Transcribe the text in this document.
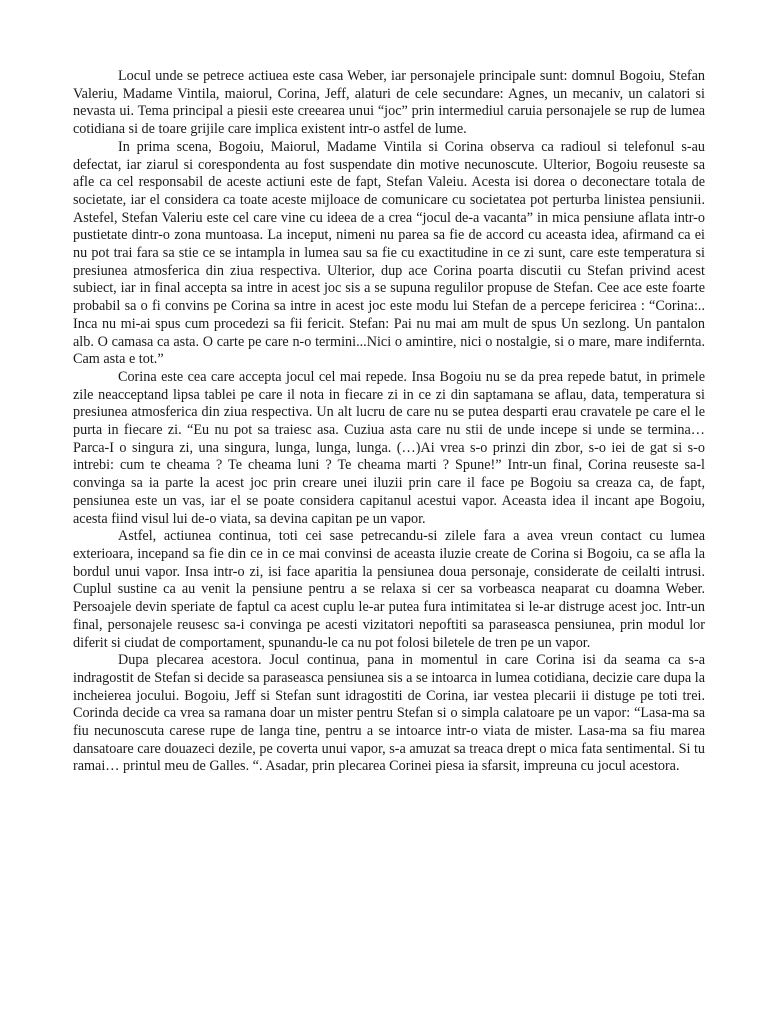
Locul unde se petrece actiuea este casa Weber, iar personajele principale sunt: domnul Bogoiu, Stefan Valeriu, Madame Vintila, maiorul, Corina, Jeff, alaturi de cele secundare: Agnes, un mecaniv, un calatori si nevasta ui. Tema principal a piesii este creearea unui “joc” prin intermediul caruia personajele se rup de lumea cotidiana si de toare grijile care implica existent intr-o astfel de lume.

In prima scena, Bogoiu, Maiorul, Madame Vintila si Corina observa ca radioul si telefonul s-au defectat, iar ziarul si corespondenta au fost suspendate din motive necunoscute. Ulterior, Bogoiu reuseste sa afle ca cel responsabil de aceste actiuni este de fapt, Stefan Valeiu. Acesta isi dorea o deconectare totala de societate, iar el considera ca toate aceste mijloace de comunicare cu societatea pot perturba linistea pensiunii. Astefel, Stefan Valeriu este cel care vine cu ideea de a crea “jocul de-a vacanta” in mica pensiune aflata intr-o pustietate dintr-o zona muntoasa. La inceput, nimeni nu parea sa fie de accord cu aceasta idea, afirmand ca ei nu pot trai fara sa stie ce se intampla in lumea sau sa fie cu exactitudine in ce zi sunt, care este temperatura si presiunea atmosferica din ziua respectiva. Ulterior, dup ace Corina poarta discutii cu Stefan privind acest subiect, iar in final accepta sa intre in acest joc sis a se supuna regulilor propuse de Stefan. Cee ace este foarte probabil sa o fi convins pe Corina sa intre in acest joc este modu lui Stefan de a percepe fericirea : “Corina:.. Inca nu mi-ai spus cum procedezi sa fii fericit. Stefan: Pai nu mai am mult de spus Un sezlong. Un pantalon alb. O camasa ca asta. O carte pe care n-o termini...Nici o amintire, nici o nostalgie, si o mare, mare indifernta. Cam asta e tot.”

Corina este cea care accepta jocul cel mai repede. Insa Bogoiu nu se da prea repede batut, in primele zile neacceptand lipsa tablei pe care il nota in fiecare zi in ce zi din saptamana se aflau, data, temperatura si presiunea atmosferica din ziua respectiva. Un alt lucru de care nu se putea desparti erau cravatele pe care el le purta in fiecare zi. “Eu nu pot sa traiesc asa. Cuziua asta care nu stii de unde incepe si unde se termina… Parca-I o singura zi, una singura, lunga, lunga, lunga. (…)Ai vrea s-o prinzi din zbor, s-o iei de gat si s-o intrebi: cum te cheama ? Te cheama luni ? Te cheama marti ? Spune!” Intr-un final, Corina reuseste sa-l convinga sa ia parte la acest joc prin creare unei iluzii prin care il face pe Bogoiu sa creaza ca, de fapt, pensiunea este un vas, iar el se poate considera capitanul acestui vapor. Aceasta idea il incant ape Bogoiu, acesta fiind visul lui de-o viata, sa devina capitan pe un vapor.

Astfel, actiunea continua, toti cei sase petrecandu-si zilele fara a avea vreun contact cu lumea exterioara, incepand sa fie din ce in ce mai convinsi de aceasta iluzie create de Corina si Bogoiu, ca se afla la bordul unui vapor. Insa intr-o zi, isi face aparitia la pensiunea doua personaje, considerate de ceilalti intrusi. Cuplul sustine ca au venit la pensiune pentru a se relaxa si cer sa vorbeasca neaparat cu doamna Weber. Persoajele devin speriate de faptul ca acest cuplu le-ar putea fura intimitatea si le-ar distruge acest joc. Intr-un final, personajele reusesc sa-i convinga pe acesti vizitatori nepoftiti sa paraseasca pensiunea, prin modul lor diferit si ciudat de comportament, spunandu-le ca nu pot folosi biletele de tren pe un vapor.

Dupa plecarea acestora. Jocul continua, pana in momentul in care Corina isi da seama ca s-a indragostit de Stefan si decide sa paraseasca pensiunea sis a se intoarca in lumea cotidiana, decizie care dupa la incheierea jocului. Bogoiu, Jeff si Stefan sunt idragostiti de Corina, iar vestea plecarii ii distuge pe toti trei. Corinda decide ca vrea sa ramana doar un mister pentru Stefan si o simpla calatoare pe un vapor: “Lasa-ma sa fiu necunoscuta carese rupe de langa tine, pentru a se intoarce intr-o viata de mister. Lasa-ma sa fiu marea dansatoare care douazeci dezile, pe coverta unui vapor, s-a amuzat sa treaca drept o mica fata sentimental. Si tu ramai… printul meu de Galles. “. Asadar, prin plecarea Corinei piesa ia sfarsit, impreuna cu jocul acestora.
